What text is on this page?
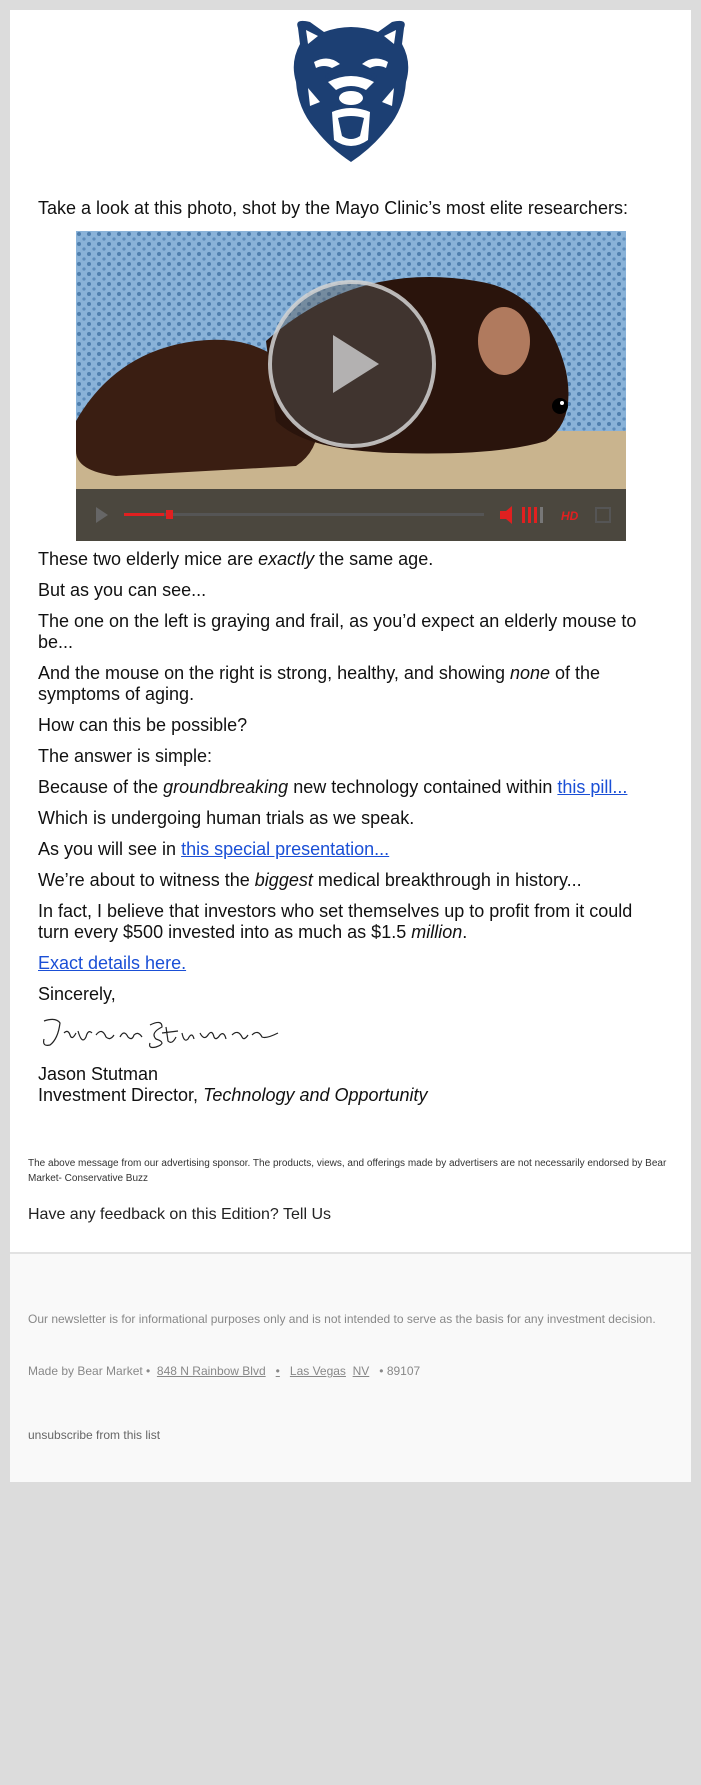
Take a look at this photo, shot by the Mayo Clinic’s most elite researchers:

HD

These two elderly mice are exactly the same age.

But as you can see...

The one on the left is graying and frail, as you’d expect an elderly mouse to be...

And the mouse on the right is strong, healthy, and showing none of the symptoms of aging.

How can this be possible?

The answer is simple:

Because of the groundbreaking new technology contained within this pill...

Which is undergoing human trials as we speak.

As you will see in this special presentation...

We’re about to witness the biggest medical breakthrough in history...

In fact, I believe that investors who set themselves up to profit from it could turn every $500 invested into as much as $1.5 million.

Exact details here.

Sincerely,

Jason Stutman
Investment Director, Technology and Opportunity

The above message from our advertising sponsor. The products, views, and offerings made by advertisers are not necessarily endorsed by Bear Market- Conservative Buzz
Have any feedback on this Edition? Tell Us
Our newsletter is for informational purposes only and is not intended to serve as the basis for any investment decision.
Made by Bear Market • 848 N Rainbow Blvd • Las Vegas NV • 89107
unsubscribe from this list
